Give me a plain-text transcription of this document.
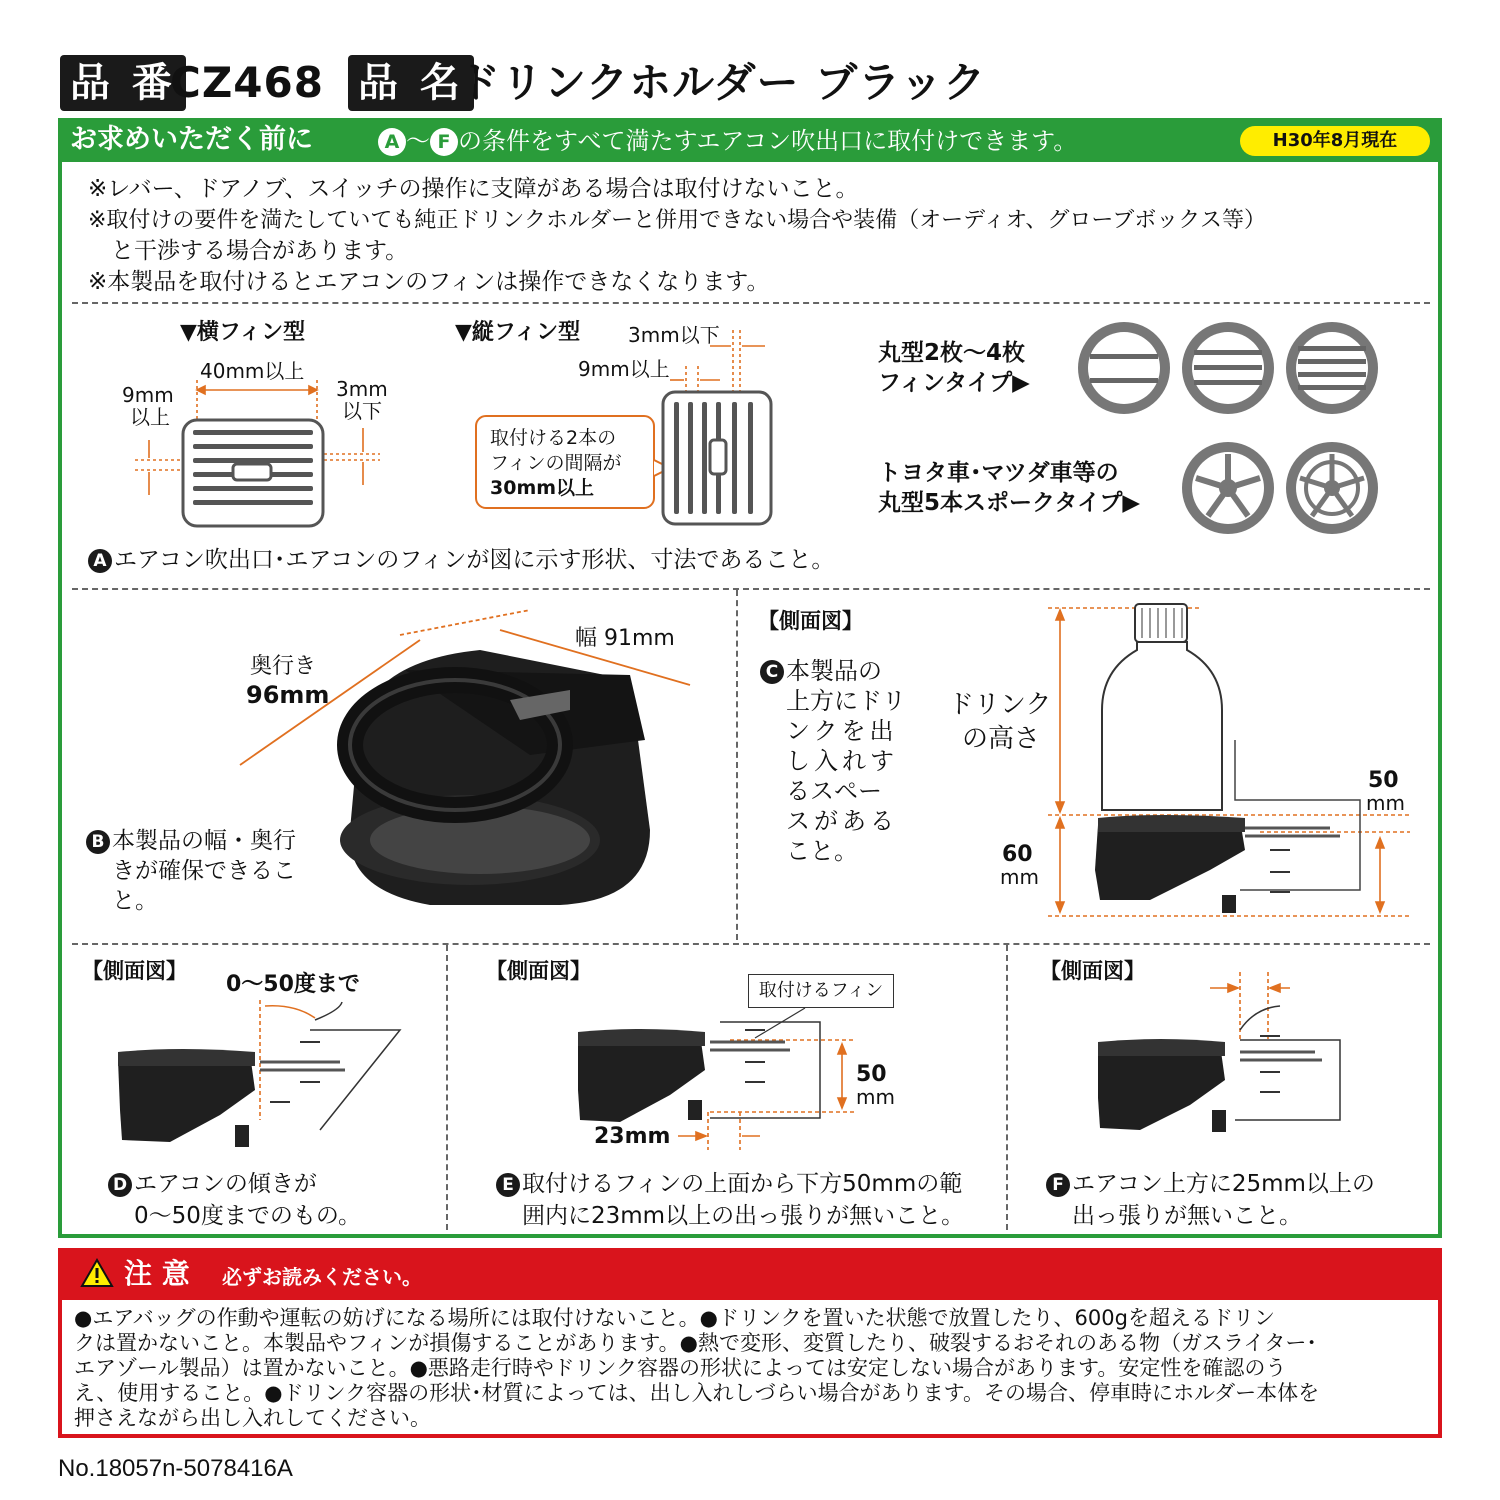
品 番
CZ468 品 名
ドリンクホルダー ブラック
お求めいただく前に	A 〜 F の条件をすべて満たすエアコン吹出口に取付けできます。	H30年8月現在
※レバー、ドアノブ、スイッチの操作に支障がある場合は取付けないこと。
※取付けの要件を満たしていても純正ドリンクホルダーと併用できない場合や装備（オーディオ、グローブボックス等）
　と干渉する場合があります。
※本製品を取付けるとエアコンのフィンは操作できなくなります。
▼横フィン型
40mm以上
9mm
以上
3mm
以下
▼縦フィン型 3mm以下
9mm以上
取付ける2本の
フィンの間隔が
30mm以上
丸型2枚〜4枚
フィンタイプ▶
トヨタ車･マツダ車等の
丸型5本スポークタイプ▶
A エアコン吹出口･エアコンのフィンが図に示す形状、寸法であること。
奥行き
96mm
幅 91mm
B 本製品の幅・奥行
きが確保できるこ
と。
【側面図】
C 本製品の
上方にドリ
ンクを出
し入れす
るスペー
スがある
こと。
ドリンク
の高さ
50
mm
60
mm
【側面図】
0〜50度まで
D エアコンの傾きが
0〜50度までのもの。
【側面図】
取付けるフィン
50
mm
23mm
E 取付けるフィンの上面から下方50mmの範
囲内に23mm以上の出っ張りが無いこと。
【側面図】
F エアコン上方に25mm以上の
出っ張りが無いこと。
注 意 必ずお読みください。
●エアバッグの作動や運転の妨げになる場所には取付けないこと。●ドリンクを置いた状態で放置したり、600gを超えるドリン
クは置かないこと。本製品やフィンが損傷することがあります。●熱で変形、変質したり、破裂するおそれのある物（ガスライター･
エアゾール製品）は置かないこと。●悪路走行時やドリンク容器の形状によっては安定しない場合があります。安定性を確認のう
え、使用すること。●ドリンク容器の形状･材質によっては、出し入れしづらい場合があります。その場合、停車時にホルダー本体を
押さえながら出し入れしてください。
No.18057n-5078416A
